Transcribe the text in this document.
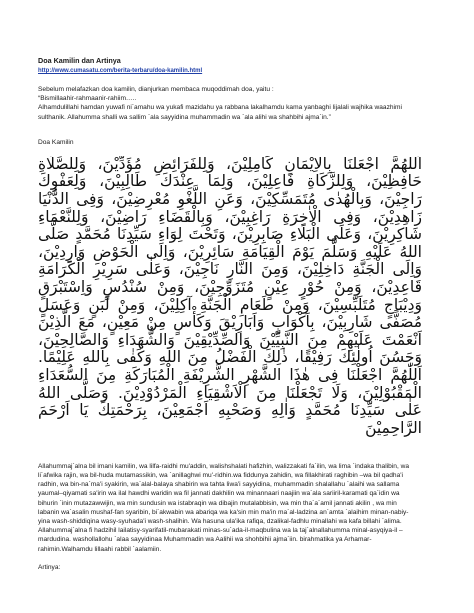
Doa Kamilin dan Artinya
http://www.cumasatu.com/berita-terbaru/doa-kamilin.html

Sebelum melafazkan doa kamilin, dianjurkan membaca muqoddimah doa, yaitu :

“Bismillaahir-rahmaanir-rahiim…..

Alhamdulillahi hamdan yuwafi ni`amahu wa yukafi mazidahu ya rabbana lakalhamdu kama yanbaghi lijalali wajhika waazhimi sulthanik. Allahumma shalli wa sallim `ala sayyidina muhammadin wa `ala alihi wa shahbihi ajma`in.”

Doa Kamilin
اَللّٰهُمَّ اجْعَلْنَا بِالْاِيْمَانِ كَامِلِيْنَ، وَلِلْفَرَائِضِ مُؤَدِّيْنَ، وَلِلصَّلَاةِ حَافِظِيْنَ، وَلِلزَّكَاةِ فَاعِلِيْنَ، وَلِمَا عِنْدَكَ طَالِبِيْنَ، وَلِعَفْوِكَ رَاجِيْنَ، وَبِالْهُدٰى مُتَمَسِّكِيْنَ، وَعَنِ اللَّغْوِ مُعْرِضِيْنَ، وَفِى الدُّنْيَا زَاهِدِيْنَ، وَفِى الْاٰخِرَةِ رَاغِبِيْنَ، وَبِالْقَضَاءِ رَاضِيْنَ، وَلِلنَّعْمَاءِ شَاكِرِيْنَ، وَعَلَى الْبَلَاءِ صَابِرِيْنَ، وَتَحْتَ لِوَاءِ سَيِّدِنَا مُحَمَّدٍ صَلَّى اللهُ عَلَيْهِ وَسَلَّمَ يَوْمَ الْقِيَامَةِ سَائِرِيْنَ، وَاِلَى الْحَوْضِ وَارِدِيْنَ، وَاِلَى الْجَنَّةِ دَاخِلِيْنَ، وَمِنَ النَّارِ نَاجِيْنَ، وَعَلٰى سَرِيْرِ الْكَرَامَةِ قَاعِدِيْنَ، وَمِنْ حُوْرٍ عِيْنٍ مُتَزَوِّجِيْنَ، وَمِنْ سُنْدُسٍ وَاِسْتَبْرَقٍ وَدِيْبَاجٍ مُتَلَبِّسِيْنَ، وَمِنْ طَعَامِ الْجَنَّةِ آكِلِيْنَ، وَمِنْ لَبَنٍ وَعَسَلٍ مُصَفًّى شَارِبِيْنَ، بِاَكْوَابٍ وَاَبَارِيْقَ وَكَأْسٍ مِنْ مَعِيْنٍ، مَعَ الَّذِيْنَ اَنْعَمْتَ عَلَيْهِمْ مِنَ النَّبِيِّيْنَ وَالصِّدِّيْقِيْنَ وَالشُّهَدَاءِ وَالصَّالِحِيْنَ، وَحَسُنَ اُولٰئِكَ رَفِيْقًا، ذٰلِكَ الْفَضْلُ مِنَ اللهِ وَكَفٰى بِاللهِ عَلِيْمًا. اَللّٰهُمَّ اجْعَلْنَا فِى هٰذَا الشَّهْرِ الشَّرِيْفَةِ الْمُبَارَكَةِ مِنَ السُّعَدَاءِ الْمَقْبُوْلِيْنَ، وَلَا تَجْعَلْنَا مِنَ الْاَشْقِيَاءِ الْمَرْدُوْدِيْنَ. وَصَلَّى اللهُ عَلٰى سَيِّدِنَا مُحَمَّدٍ وَاٰلِهِ وَصَحْبِهِ اَجْمَعِيْنَ، بِرَحْمَتِكَ يَا اَرْحَمَ الرَّاحِمِيْنَ

Allahummaj`alna bil imani kamilin, wa lilfa-raidhi mu'addin, walishshalati hafizhin, walizzakati fa`ilin, wa lima `indaka thalibin, wa li`afwika rajin, wa bil-huda mutamassikin, wa `anillaghwi mu'-ridhin.wa fiddunya zahidin, wa fillakhirati raghibin –wa bil qadha'i radhin, wa bin-na`ma'i syakirin, wa`alal-balaya shabirin wa tahta liwa'i sayyidina, muhammadin shalallahu `alaihi wa sallama yaumal–qiyamati sa'irin wa ilal hawdhi waridin wa fil jannati dakhilin wa minannaari naajiin wa`ala sariiril-karamati qa`idin wa bihurin `inin mutazawwijin, wa min sundusin wa istabraqin wa dibajin mutalabbisin, wa min tha`a`amil jannati akilin , wa min labanin wa`asalin mushaf-fan syaribin, bi`akwabin wa abariqa wa ka'sin min ma'in ma`al-ladzina an`amta `alaihim minan-nabiy-yina wash-shiddiqina wasy-syuhada'i wash-shalihin. Wa hasuna ula'ika rafiqa, dzalikal-fadhlu minallahi wa kafa billahi `alima. Allahummaj`alna fi hadzihil lailatisy-syarifatil-mubarakati minas-su`ada-il-maqbulina wa la taj`alnallahumma minal-asyqiya-il –mardudina. washollallohu `alaa sayyidinaa Muhammadin wa Aalihii wa shohbihii ajma`iin. birahmatika ya Arhamar-rahimin.Walhamdu lillaahi rabbil `aalamiin.

Artinya:
